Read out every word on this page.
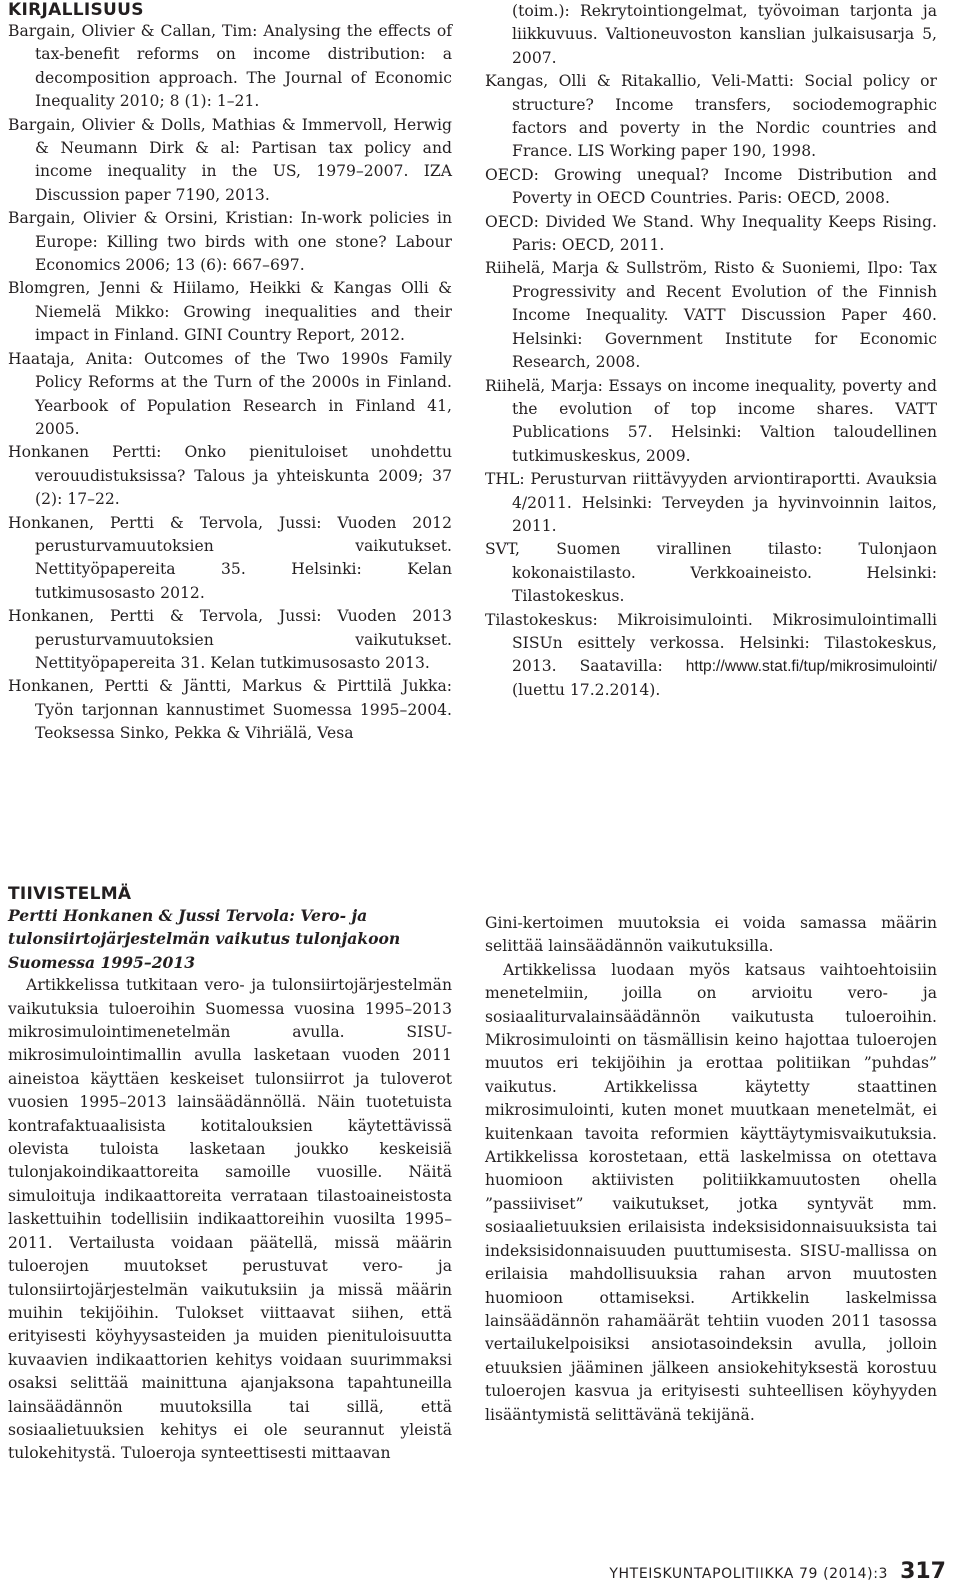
KIRJALLISUUS

Bargain, Olivier & Callan, Tim: Analysing the effects of tax-benefit reforms on income distribution: a decomposition approach. The Journal of Economic Inequality 2010; 8 (1): 1–21.

Bargain, Olivier & Dolls, Mathias & Immervoll, Herwig & Neumann Dirk & al: Partisan tax policy and income inequality in the US, 1979–2007. IZA Discussion paper 7190, 2013.

Bargain, Olivier & Orsini, Kristian: In-work policies in Europe: Killing two birds with one stone? Labour Economics 2006; 13 (6): 667–697.

Blomgren, Jenni & Hiilamo, Heikki & Kangas Olli & Niemelä Mikko: Growing inequalities and their impact in Finland. GINI Country Report, 2012.

Haataja, Anita: Outcomes of the Two 1990s Family Policy Reforms at the Turn of the 2000s in Finland. Yearbook of Population Research in Finland 41, 2005.

Honkanen Pertti: Onko pienituloiset unohdettu verouudistuksissa? Talous ja yhteiskunta 2009; 37 (2): 17–22.

Honkanen, Pertti & Tervola, Jussi: Vuoden 2012 perusturvamuutoksien vaikutukset. Nettityöpapereita 35. Helsinki: Kelan tutkimusosasto 2012.

Honkanen, Pertti & Tervola, Jussi: Vuoden 2013 perusturvamuutoksien vaikutukset. Nettityöpapereita 31. Kelan tutkimusosasto 2013.

Honkanen, Pertti & Jäntti, Markus & Pirttilä Jukka: Työn tarjonnan kannustimet Suomessa 1995–2004. Teoksessa Sinko, Pekka & Vihriälä, Vesa

(toim.): Rekrytointiongelmat, työvoiman tarjonta ja liikkuvuus. Valtioneuvoston kanslian julkaisusarja 5, 2007.

Kangas, Olli & Ritakallio, Veli-Matti: Social policy or structure? Income transfers, sociodemographic factors and poverty in the Nordic countries and France. LIS Working paper 190, 1998.

OECD: Growing unequal? Income Distribution and Poverty in OECD Countries. Paris: OECD, 2008.

OECD: Divided We Stand. Why Inequality Keeps Rising. Paris: OECD, 2011.

Riihelä, Marja & Sullström, Risto & Suoniemi, Ilpo: Tax Progressivity and Recent Evolution of the Finnish Income Inequality. VATT Discussion Paper 460. Helsinki: Government Institute for Economic Research, 2008.

Riihelä, Marja: Essays on income inequality, poverty and the evolution of top income shares. VATT Publications 57. Helsinki: Valtion taloudellinen tutkimuskeskus, 2009.

THL: Perusturvan riittävyyden arviontiraportti. Avauksia 4/2011. Helsinki: Terveyden ja hyvinvoinnin laitos, 2011.

SVT, Suomen virallinen tilasto: Tulonjaon kokonaistilasto. Verkkoaineisto. Helsinki: Tilastokeskus.

Tilastokeskus: Mikroisimulointi. Mikrosimulointimalli SISUn esittely verkossa. Helsinki: Tilastokeskus, 2013. Saatavilla: http://www.stat.fi/tup/mikrosimulointi/ (luettu 17.2.2014).

TIIVISTELMÄ

Pertti Honkanen & Jussi Tervola: Vero- ja tulonsiirtojärjestelmän vaikutus tulonjakoon Suomessa 1995–2013

Artikkelissa tutkitaan vero- ja tulonsiirtojärjestelmän vaikutuksia tuloeroihin Suomessa vuosina 1995–2013 mikrosimulointimenetelmän avulla. SISU-mikrosimulointimallin avulla lasketaan vuoden 2011 aineistoa käyttäen keskeiset tulonsiirrot ja tuloverot vuosien 1995–2013 lainsäädännöllä. Näin tuotetuista kontrafaktuaalisista kotitalouksien käytettävissä olevista tuloista lasketaan joukko keskeisiä tulonjakoindikaattoreita samoille vuosille. Näitä simuloituja indikaattoreita verrataan tilastoaineistosta laskettuihin todellisiin indikaattoreihin vuosilta 1995–2011. Vertailusta voidaan päätellä, missä määrin tuloerojen muutokset perustuvat vero- ja tulonsiirtojärjestelmän vaikutuksiin ja missä määrin muihin tekijöihin. Tulokset viittaavat siihen, että erityisesti köyhyysasteiden ja muiden pienituloisuutta kuvaavien indikaattorien kehitys voidaan suurimmaksi osaksi selittää mainittuna ajanjaksona tapahtuneilla lainsäädännön muutoksilla tai sillä, että sosiaalietuuksien kehitys ei ole seurannut yleistä tulokehitystä. Tuloeroja synteettisesti mittaavan

Gini-kertoimen muutoksia ei voida samassa määrin selittää lainsäädännön vaikutuksilla.

Artikkelissa luodaan myös katsaus vaihtoehtoisiin menetelmiin, joilla on arvioitu vero- ja sosiaaliturvalainsäädännön vaikutusta tuloeroihin. Mikrosimulointi on täsmällisin keino hajottaa tuloerojen muutos eri tekijöihin ja erottaa politiikan ”puhdas” vaikutus. Artikkelissa käytetty staattinen mikrosimulointi, kuten monet muutkaan menetelmät, ei kuitenkaan tavoita reformien käyttäytymisvaikutuksia. Artikkelissa korostetaan, että laskelmissa on otettava huomioon aktiivisten politiikkamuutosten ohella ”passiiviset” vaikutukset, jotka syntyvät mm. sosiaalietuuksien erilaisista indeksisidonnaisuuksista tai indeksisidonnaisuuden puuttumisesta. SISU-mallissa on erilaisia mahdollisuuksia rahan arvon muutosten huomioon ottamiseksi. Artikkelin laskelmissa lainsäädännön rahamäärät tehtiin vuoden 2011 tasossa vertailukelpoisiksi ansiotasoindeksin avulla, jolloin etuuksien jääminen jälkeen ansiokehityksestä korostuu tuloerojen kasvua ja erityisesti suhteellisen köyhyyden lisääntymistä selittävänä tekijänä.

YHTEISKUNTAPOLITIIKKA 79 (2014):3 317
